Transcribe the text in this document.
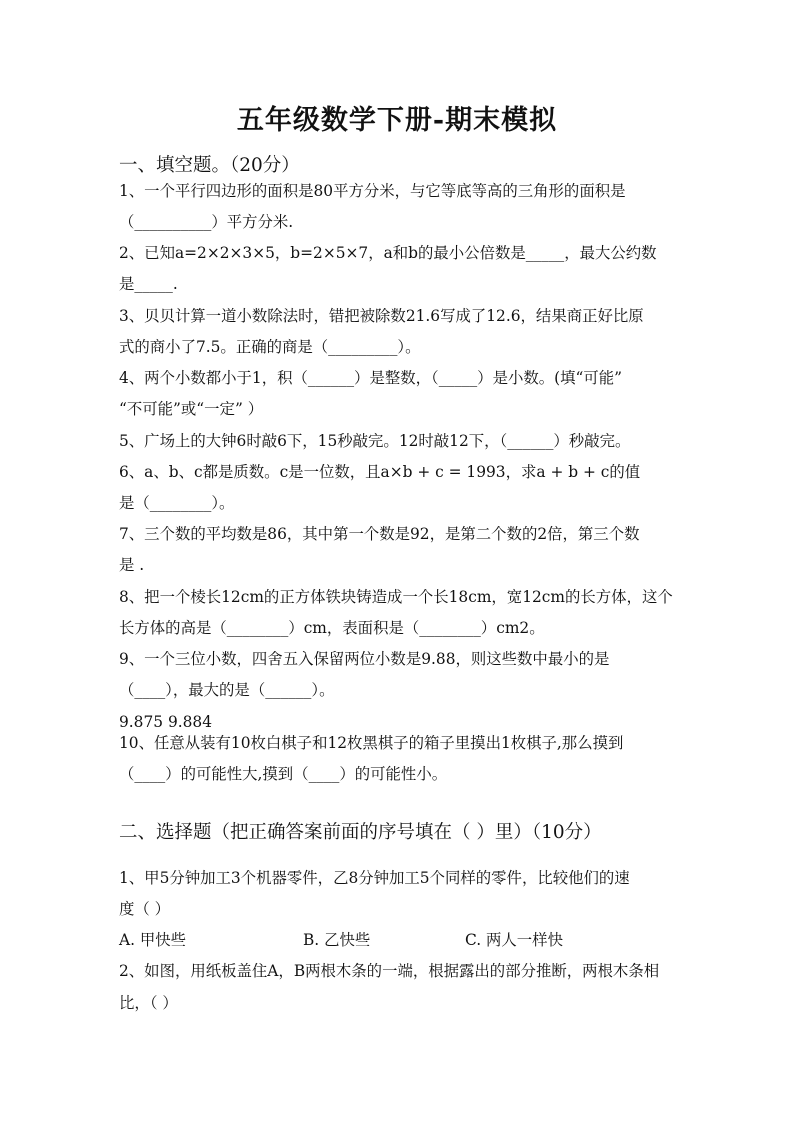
五年级数学下册-期末模拟
一、填空题。（20分）
1、一个平行四边形的面积是80平方分米，与它等底等高的三角形的面积是
（__________）平方分米.
2、已知a=2×2×3×5，b=2×5×7，a和b的最小公倍数是_____，最大公约数
是_____.
3、贝贝计算一道小数除法时，错把被除数21.6写成了12.6，结果商正好比原
式的商小了7.5。正确的商是（_________）。
4、两个小数都小于1，积（______）是整数，（_____）是小数。(填“可能”
“不可能”或“一定” ）
5、广场上的大钟6时敲6下，15秒敲完。12时敲12下，（______）秒敲完。
6、a、b、c都是质数。c是一位数，且a×b + c = 1993，求a + b + c的值
是（________）。
7、三个数的平均数是86，其中第一个数是92，是第二个数的2倍，第三个数
是 .
8、把一个棱长12cm的正方体铁块铸造成一个长18cm，宽12cm的长方体，这个
长方体的高是（________）cm，表面积是（________）cm2。
9、一个三位小数，四舍五入保留两位小数是9.88，则这些数中最小的是
（____），最大的是（______）。
9.875 9.884
10、任意从装有10枚白棋子和12枚黑棋子的箱子里摸出1枚棋子,那么摸到
（____）的可能性大,摸到（____）的可能性小。
二、选择题（把正确答案前面的序号填在（ ）里）（10分）
1、甲5分钟加工3个机器零件，乙8分钟加工5个同样的零件，比较他们的速
度（ ）
A. 甲快些	B. 乙快些	C. 两人一样快
2、如图，用纸板盖住A，B两根木条的一端，根据露出的部分推断，两根木条相
比，（ ）
